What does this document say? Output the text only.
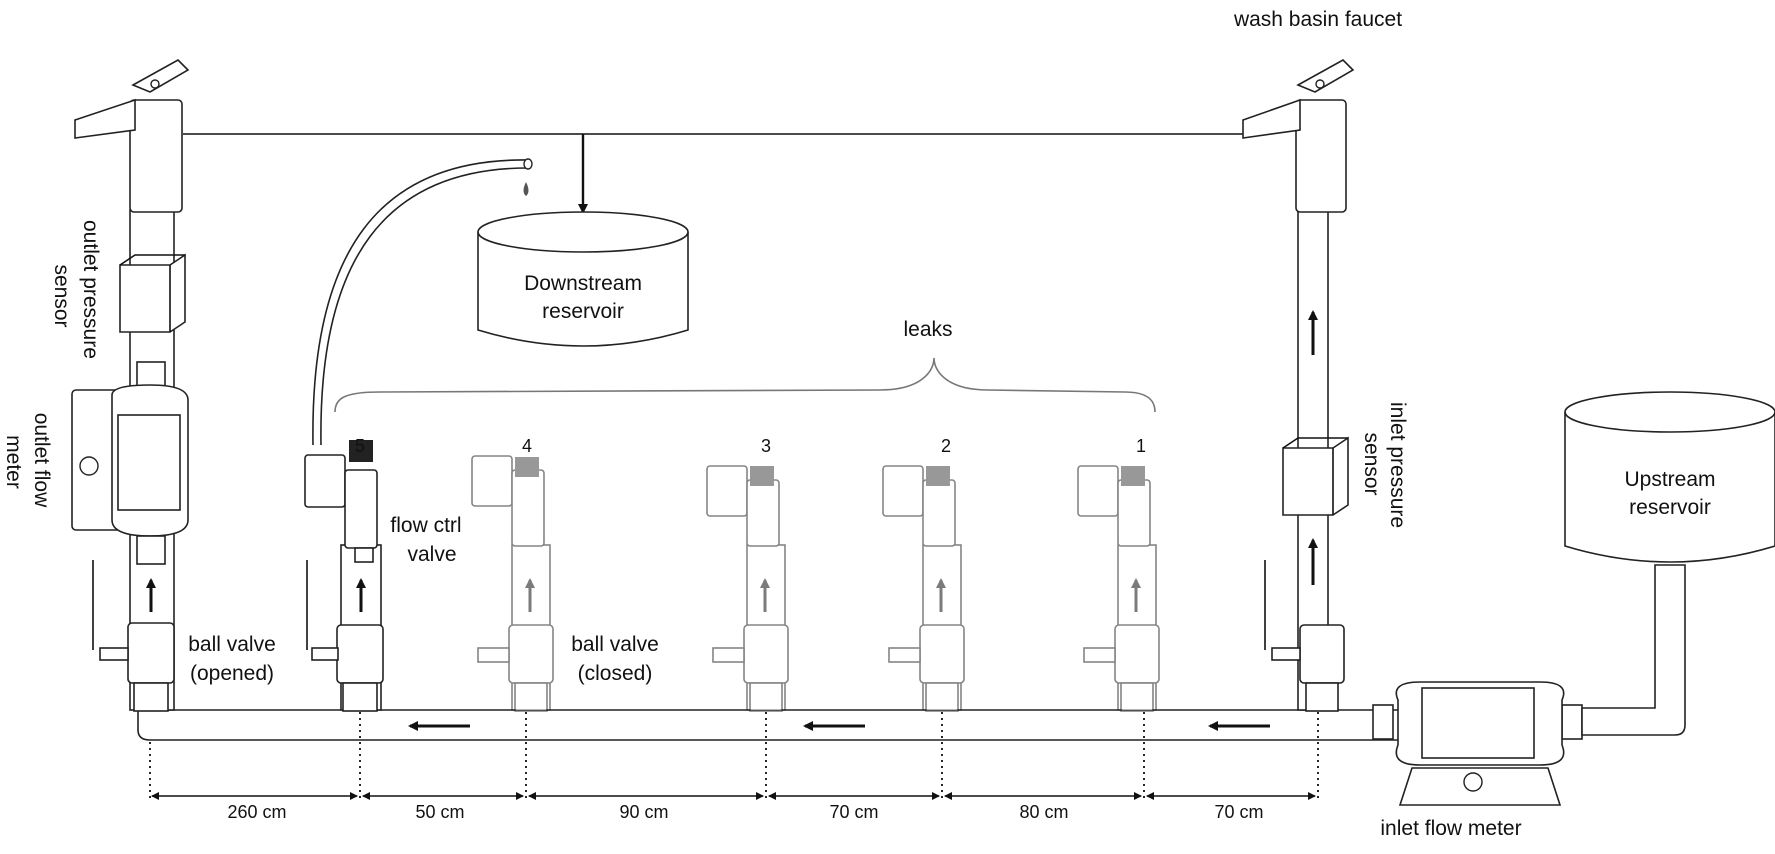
Downstream
reservoir
5	4	3	2	1
leaks
Upstream
reservoir
wash basin faucet
outlet pressure
sensor
outlet flow
meter	inlet pressure
sensor
inlet flow meter
flow ctrl
valve
ball valve
(opened)
ball valve
(closed)
260 cm	50 cm	90 cm	70 cm	80 cm	70 cm
